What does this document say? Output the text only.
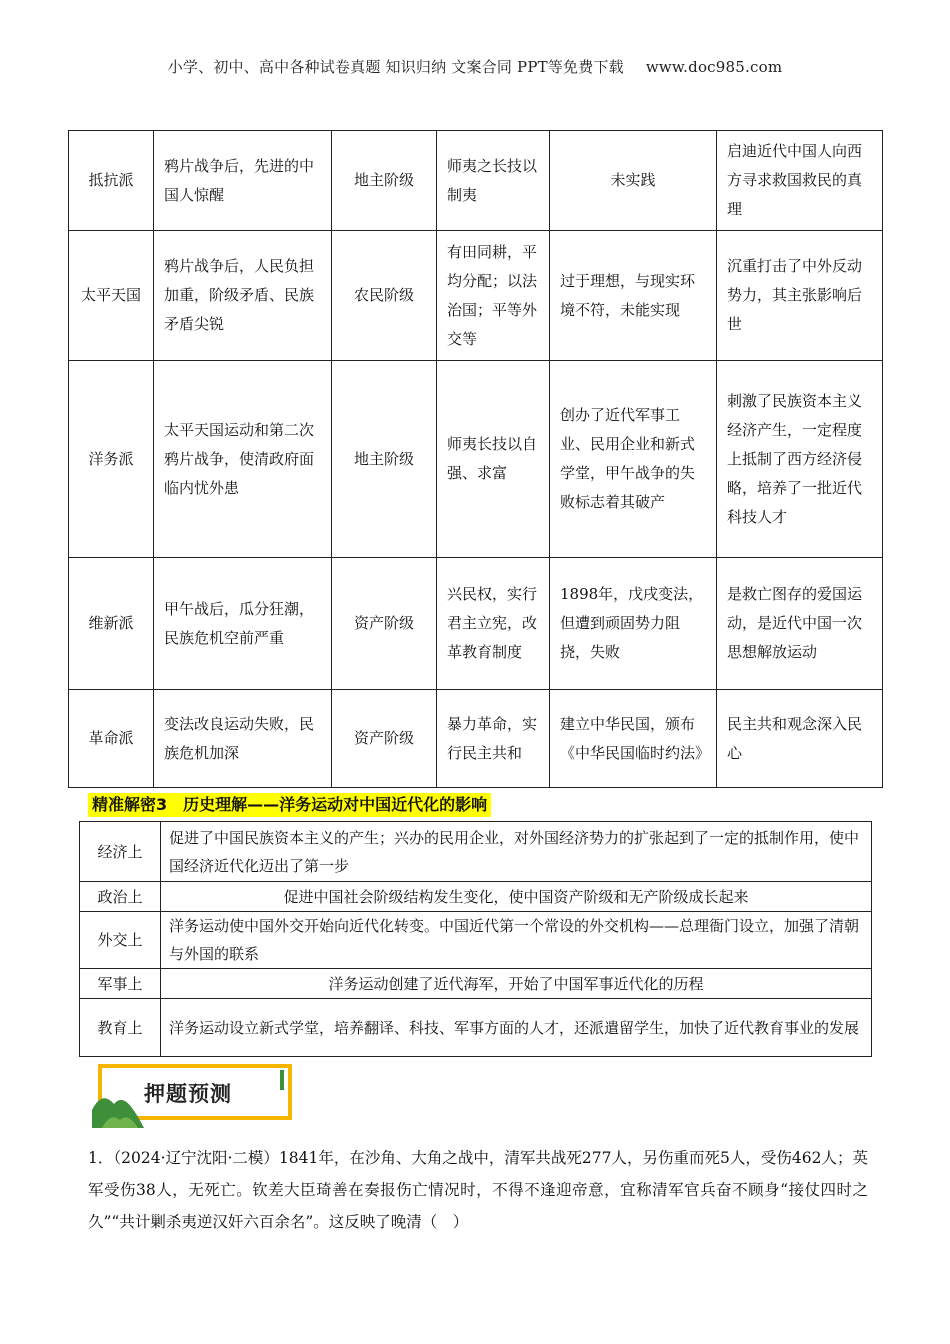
小学、初中、高中各种试卷真题 知识归纳 文案合同 PPT等免费下载 www.doc985.com
抵抗派	鸦片战争后，先进的中国人惊醒	地主阶级	师夷之长技以制夷	未实践	启迪近代中国人向西方寻求救国救民的真理
太平天国	鸦片战争后，人民负担加重，阶级矛盾、民族矛盾尖锐	农民阶级	有田同耕，平均分配；以法治国；平等外交等	过于理想，与现实环境不符，未能实现	沉重打击了中外反动势力，其主张影响后世
洋务派	太平天国运动和第二次鸦片战争，使清政府面临内忧外患	地主阶级	师夷长技以自强、求富	创办了近代军事工业、民用企业和新式学堂，甲午战争的失败标志着其破产	刺激了民族资本主义经济产生，一定程度上抵制了西方经济侵略，培养了一批近代科技人才
维新派	甲午战后，瓜分狂潮，民族危机空前严重	资产阶级	兴民权，实行君主立宪，改革教育制度	1898年，戊戌变法，但遭到顽固势力阻挠，失败	是救亡图存的爱国运动，是近代中国一次思想解放运动
革命派	变法改良运动失败，民族危机加深	资产阶级	暴力革命，实行民主共和	建立中华民国，颁布《中华民国临时约法》	民主共和观念深入民心
精准解密3　历史理解——洋务运动对中国近代化的影响
经济上	促进了中国民族资本主义的产生；兴办的民用企业，对外国经济势力的扩张起到了一定的抵制作用，使中国经济近代化迈出了第一步
政治上	促进中国社会阶级结构发生变化，使中国资产阶级和无产阶级成长起来
外交上	洋务运动使中国外交开始向近代化转变。中国近代第一个常设的外交机构——总理衙门设立，加强了清朝与外国的联系
军事上	洋务运动创建了近代海军，开始了中国军事近代化的历程
教育上	洋务运动设立新式学堂，培养翻译、科技、军事方面的人才，还派遣留学生，加快了近代教育事业的发展
押题预测
1．（2024·辽宁沈阳·二模）1841年，在沙角、大角之战中，清军共战死277人，另伤重而死5人，受伤462人；英军受伤38人，无死亡。钦差大臣琦善在奏报伤亡情况时，不得不逢迎帝意，宜称清军官兵奋不顾身“接仗四时之久”“共计剿杀夷逆汉奸六百余名”。这反映了晚清（　）
